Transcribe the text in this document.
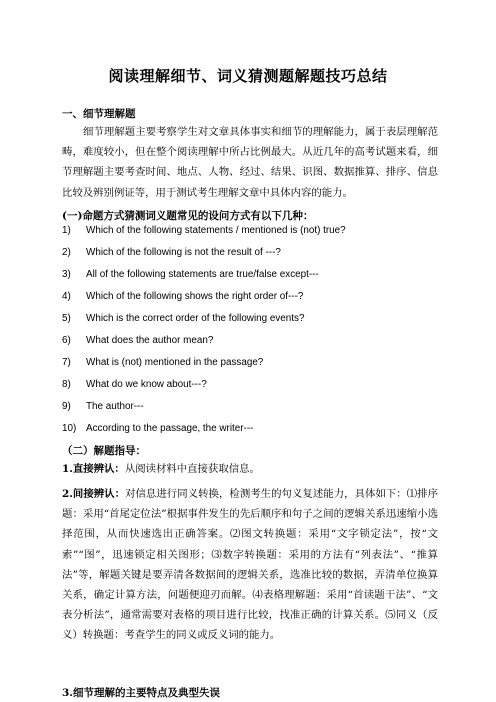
阅读理解细节、词义猜测题解题技巧总结
一、细节理解题
细节理解题主要考察学生对文章具体事实和细节的理解能力，属于表层理解范畴，难度较小，但在整个阅读理解中所占比例最大。从近几年的高考试题来看，细节理解题主要考查时间、地点、人物、经过、结果、识图、数据推算、排序、信息比较及辨别例证等，用于测试考生理解文章中具体内容的能力。
(一)命题方式猜测词义题常见的设问方式有以下几种：
1) Which of the following statements / mentioned is (not) true?
2) Which of the following is not the result of ---?
3) All of the following statements are true/false except---
4) Which of the following shows the right order of---?
5) Which is the correct order of the following events?
6) What does the author mean?
7) What is (not) mentioned in the passage?
8) What do we know about---?
9) The author---
10) According to the passage, the writer---
（二）解题指导：
1.直接辨认：从阅读材料中直接获取信息。
2.间接辨认：对信息进行同义转换，检测考生的句义复述能力，具体如下：⑴排序题：采用“首尾定位法”根据事件发生的先后顺序和句子之间的逻辑关系迅速缩小选择范围，从而快速选出正确答案。⑵图文转换题：采用“文字锁定法”，按“文索”“图”，迅速锁定相关图形；⑶数字转换题：采用的方法有“列表法”、“推算法”等，解题关键是要弄清各数据间的逻辑关系，选准比较的数据，弄清单位换算关系，确定计算方法，问题便迎刃而解。⑷表格理解题：采用“首读题干法”、“文表分析法”，通常需要对表格的项目进行比较，找准正确的计算关系。⑸同义（反义）转换题：考查学生的同义或反义词的能力。
3.细节理解的主要特点及典型失误
